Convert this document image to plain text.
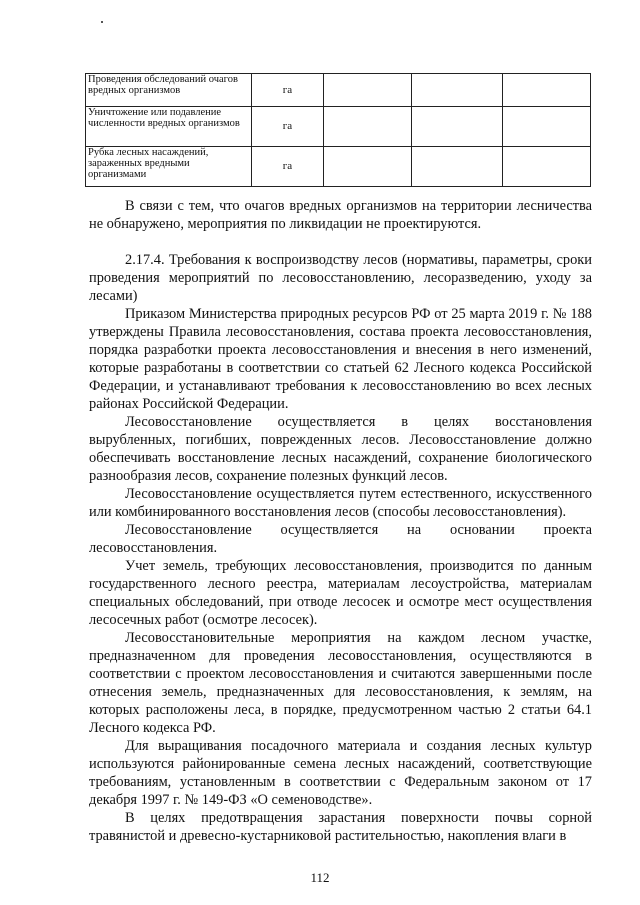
Проведения обследований очагов вредных организмов	га			
Уничтожение или подавление численности вредных организмов	га			
Рубка лесных насаждений, зараженных вредными организмами	га			

В связи с тем, что очагов вредных организмов на территории лесничества не обнаружено, мероприятия по ликвидации не проектируются.

2.17.4. Требования к воспроизводству лесов (нормативы, параметры, сроки проведения мероприятий по лесовосстановлению, лесоразведению, уходу за лесами)

Приказом Министерства природных ресурсов РФ от 25 марта 2019 г. № 188 утверждены Правила лесовосстановления, состава проекта лесовосстановления, порядка разработки проекта лесовосстановления и внесения в него изменений, которые разработаны в соответствии со статьей 62 Лесного кодекса Российской Федерации, и устанавливают требования к лесовосстановлению во всех лесных районах Российской Федерации.

Лесовосстановление осуществляется в целях восстановления вырубленных, погибших, поврежденных лесов. Лесовосстановление должно обеспечивать восстановление лесных насаждений, сохранение биологического разнообразия лесов, сохранение полезных функций лесов.

Лесовосстановление осуществляется путем естественного, искусственного или комбинированного восстановления лесов (способы лесовосстановления).

Лесовосстановление осуществляется на основании проекта лесовосстановления.

Учет земель, требующих лесовосстановления, производится по данным государственного лесного реестра, материалам лесоустройства, материалам специальных обследований, при отводе лесосек и осмотре мест осуществления лесосечных работ (осмотре лесосек).

Лесовосстановительные мероприятия на каждом лесном участке, предназначенном для проведения лесовосстановления, осуществляются в соответствии с проектом лесовосстановления и считаются завершенными после отнесения земель, предназначенных для лесовосстановления, к землям, на которых расположены леса, в порядке, предусмотренном частью 2 статьи 64.1 Лесного кодекса РФ.

Для выращивания посадочного материала и создания лесных культур используются районированные семена лесных насаждений, соответствующие требованиям, установленным в соответствии с Федеральным законом от 17 декабря 1997 г. № 149-ФЗ «О семеноводстве».

В целях предотвращения зарастания поверхности почвы сорной травянистой и древесно-кустарниковой растительностью, накопления влаги в

112
